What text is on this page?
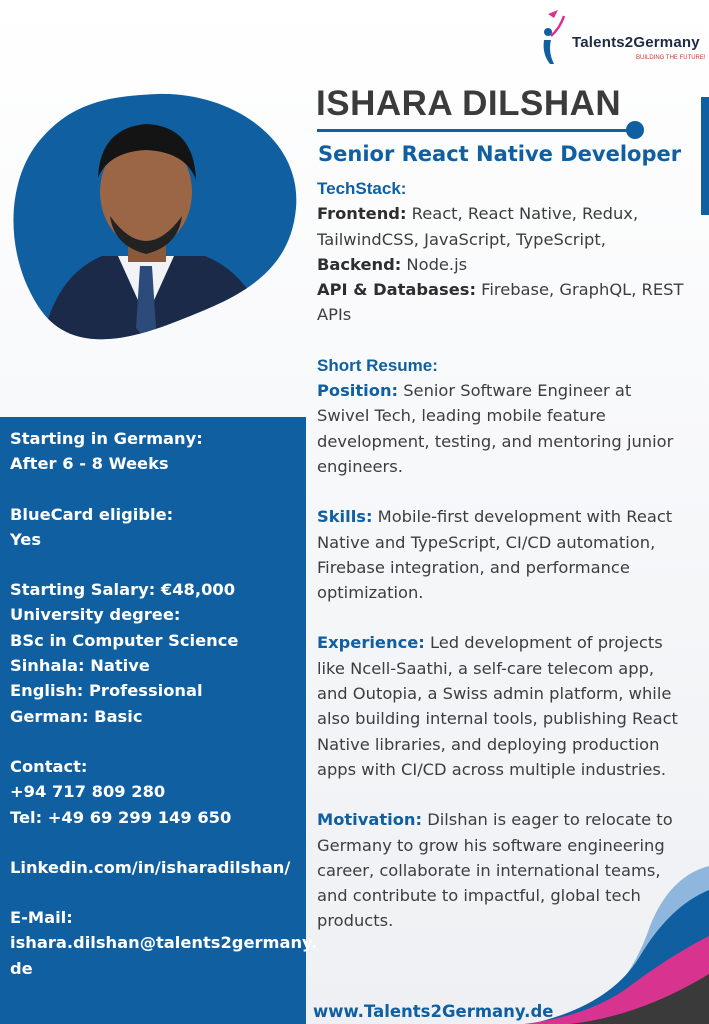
Talents2Germany
BUILDING THE FUTURE!
ISHARA DILSHAN
Senior React Native Developer

TechStack:

Frontend: React, React Native, Redux,

TailwindCSS, JavaScript, TypeScript,

Backend: Node.js

API & Databases: Firebase, GraphQL, REST

APIs

Short Resume:

Position: Senior Software Engineer at

Swivel Tech, leading mobile feature

development, testing, and mentoring junior

engineers.

Skills: Mobile-first development with React

Native and TypeScript, CI/CD automation,

Firebase integration, and performance

optimization.

Experience: Led development of projects

like Ncell-Saathi, a self-care telecom app,

and Outopia, a Swiss admin platform, while

also building internal tools, publishing React

Native libraries, and deploying production

apps with CI/CD across multiple industries.

Motivation: Dilshan is eager to relocate to

Germany to grow his software engineering

career, collaborate in international teams,

and contribute to impactful, global tech

products.

Starting in Germany:

After 6 - 8 Weeks

BlueCard eligible:

Yes

Starting Salary: €48,000

University degree:

BSc in Computer Science

Sinhala: Native

English: Professional

German: Basic

Contact:

+94 717 809 280

Tel: +49 69 299 149 650

Linkedin.com/in/isharadilshan/

E-Mail:

ishara.dilshan@talents2germany.

de

www.Talents2Germany.de
